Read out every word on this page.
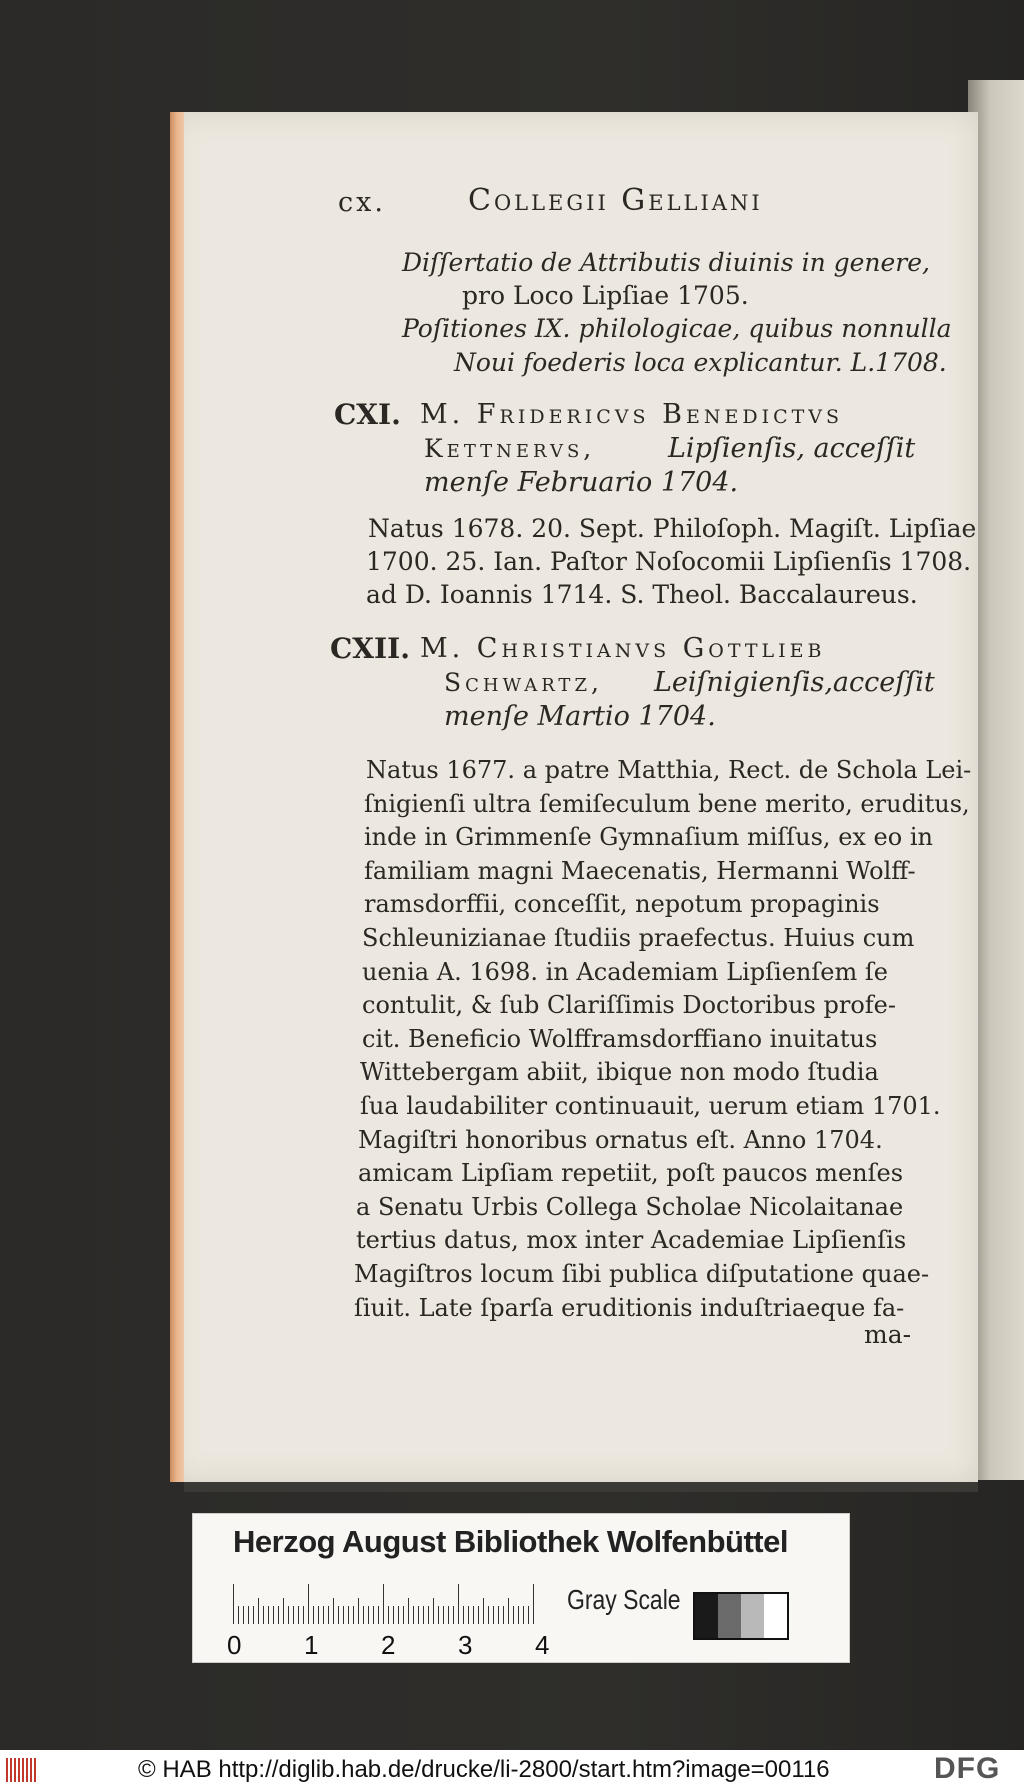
cx.	Collegii Gelliani
Diſſertatio de Attributis diuinis in genere,
pro Loco Lipſiae 1705.
Poſitiones IX. philologicae, quibus nonnulla
Noui foederis loca explicantur. L.1708.
CXI. M. Fridericvs Benedictvs
Kettnervs,	Lipſienſis, acceſſit
menſe Februario 1704.
Natus 1678. 20. Sept. Philoſoph. Magiſt. Lipſiae
1700. 25. Ian. Paſtor Noſocomii Lipſienſis 1708.
ad D. Ioannis 1714. S. Theol. Baccalaureus.
CXII. M. Christianvs Gottlieb
Schwartz, Leiſnigienſis,acceſſit
menſe Martio 1704.
Natus 1677. a patre Matthia, Rect. de Schola Lei-
ſnigienſi ultra ſemiſeculum bene merito, eruditus,
inde in Grimmenſe Gymnaſium miſſus, ex eo in
familiam magni Maecenatis, Hermanni Wolff-
ramsdorffii, conceſſit, nepotum propaginis
Schleunizianae ſtudiis praefectus. Huius cum
uenia A. 1698. in Academiam Lipſienſem ſe
contulit, & ſub Clariſſimis Doctoribus profe-
cit. Beneficio Wolfframsdorffiano inuitatus
Wittebergam abiit, ibique non modo ſtudia
ſua laudabiliter continuauit, uerum etiam 1701.
Magiſtri honoribus ornatus eſt. Anno 1704.
amicam Lipſiam repetiit, poſt paucos menſes
a Senatu Urbis Collega Scholae Nicolaitanae
tertius datus, mox inter Academiae Lipſienſis
Magiſtros locum ſibi publica diſputatione quae-
ſiuit. Late ſparſa eruditionis induſtriaeque fa-
ma-
Herzog August Bibliothek Wolfenbüttel
0 1 2 3 4
Gray Scale
© HAB http://diglib.hab.de/drucke/li-2800/start.htm?image=00116	DFG
